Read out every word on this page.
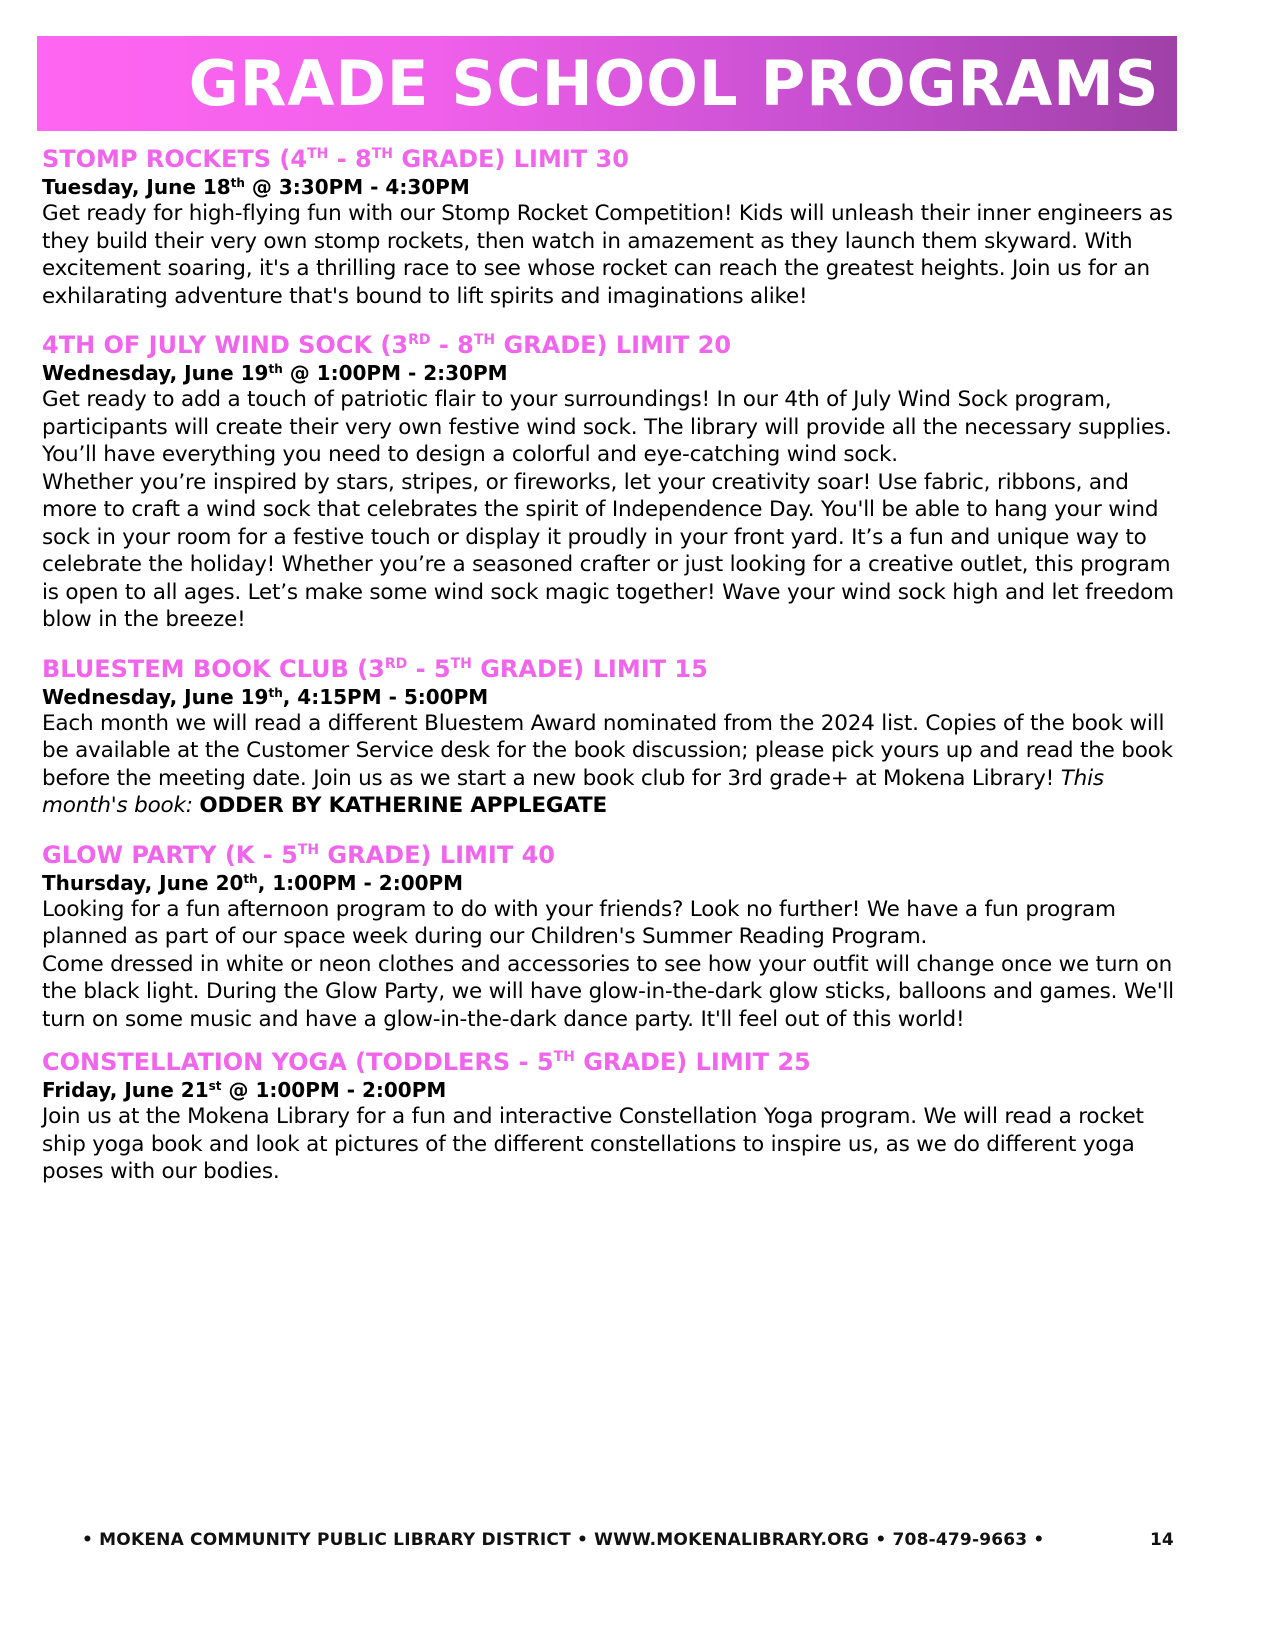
GRADE SCHOOL PROGRAMS
STOMP ROCKETS (4TH - 8TH GRADE) LIMIT 30
Tuesday, June 18th @ 3:30PM - 4:30PM

Get ready for high-flying fun with our Stomp Rocket Competition! Kids will unleash their inner engineers as they build their very own stomp rockets, then watch in amazement as they launch them skyward. With excitement soaring, it's a thrilling race to see whose rocket can reach the greatest heights. Join us for an exhilarating adventure that's bound to lift spirits and imaginations alike!

4TH OF JULY WIND SOCK (3RD - 8TH GRADE) LIMIT 20
Wednesday, June 19th @ 1:00PM - 2:30PM

Get ready to add a touch of patriotic flair to your surroundings! In our 4th of July Wind Sock program, participants will create their very own festive wind sock. The library will provide all the necessary supplies. You’ll have everything you need to design a colorful and eye-catching wind sock.

Whether you’re inspired by stars, stripes, or fireworks, let your creativity soar! Use fabric, ribbons, and more to craft a wind sock that celebrates the spirit of Independence Day. You'll be able to hang your wind sock in your room for a festive touch or display it proudly in your front yard. It’s a fun and unique way to celebrate the holiday! Whether you’re a seasoned crafter or just looking for a creative outlet, this program is open to all ages. Let’s make some wind sock magic together! Wave your wind sock high and let freedom blow in the breeze!

BLUESTEM BOOK CLUB (3RD - 5TH GRADE) LIMIT 15
Wednesday, June 19th, 4:15PM - 5:00PM

Each month we will read a different Bluestem Award nominated from the 2024 list. Copies of the book will be available at the Customer Service desk for the book discussion; please pick yours up and read the book before the meeting date. Join us as we start a new book club for 3rd grade+ at Mokena Library! This month's book: ODDER BY KATHERINE APPLEGATE

GLOW PARTY (K - 5TH GRADE) LIMIT 40
Thursday, June 20th, 1:00PM - 2:00PM

Looking for a fun afternoon program to do with your friends? Look no further! We have a fun program planned as part of our space week during our Children's Summer Reading Program.

Come dressed in white or neon clothes and accessories to see how your outfit will change once we turn on the black light. During the Glow Party, we will have glow-in-the-dark glow sticks, balloons and games. We'll turn on some music and have a glow-in-the-dark dance party. It'll feel out of this world!

CONSTELLATION YOGA (TODDLERS - 5TH GRADE) LIMIT 25
Friday, June 21st @ 1:00PM - 2:00PM

Join us at the Mokena Library for a fun and interactive Constellation Yoga program. We will read a rocket ship yoga book and look at pictures of the different constellations to inspire us, as we do different yoga poses with our bodies.

• MOKENA COMMUNITY PUBLIC LIBRARY DISTRICT • WWW.MOKENALIBRARY.ORG • 708-479-9663 •	14
